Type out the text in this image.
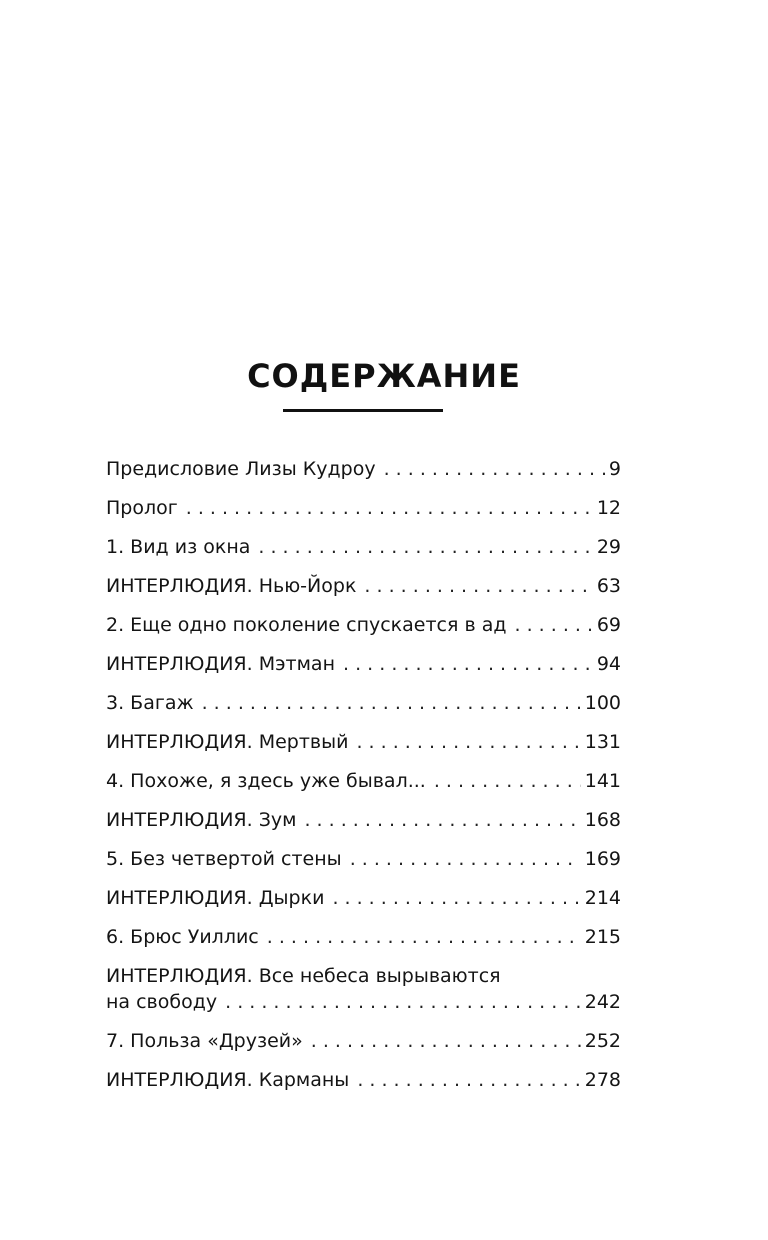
СОДЕРЖАНИЕ
Предисловие Лизы Кудроу . . .	9
Пролог . . .	12
1. Вид из окна . . .	29
ИНТЕРЛЮДИЯ. Нью-Йорк . . .	63
2. Еще одно поколение спускается в ад . . .	69
ИНТЕРЛЮДИЯ. Мэтман . . .	94
3. Багаж . . .	100
ИНТЕРЛЮДИЯ. Мертвый . . .	131
4. Похоже, я здесь уже бывал... . . .	141
ИНТЕРЛЮДИЯ. Зум . . .	168
5. Без четвертой стены . . .	169
ИНТЕРЛЮДИЯ. Дырки . . .	214
6. Брюс Уиллис . . .	215
ИНТЕРЛЮДИЯ. Все небеса вырываются
на свободу . . .	242
7. Польза «Друзей» . . .	252
ИНТЕРЛЮДИЯ. Карманы . . .	278
